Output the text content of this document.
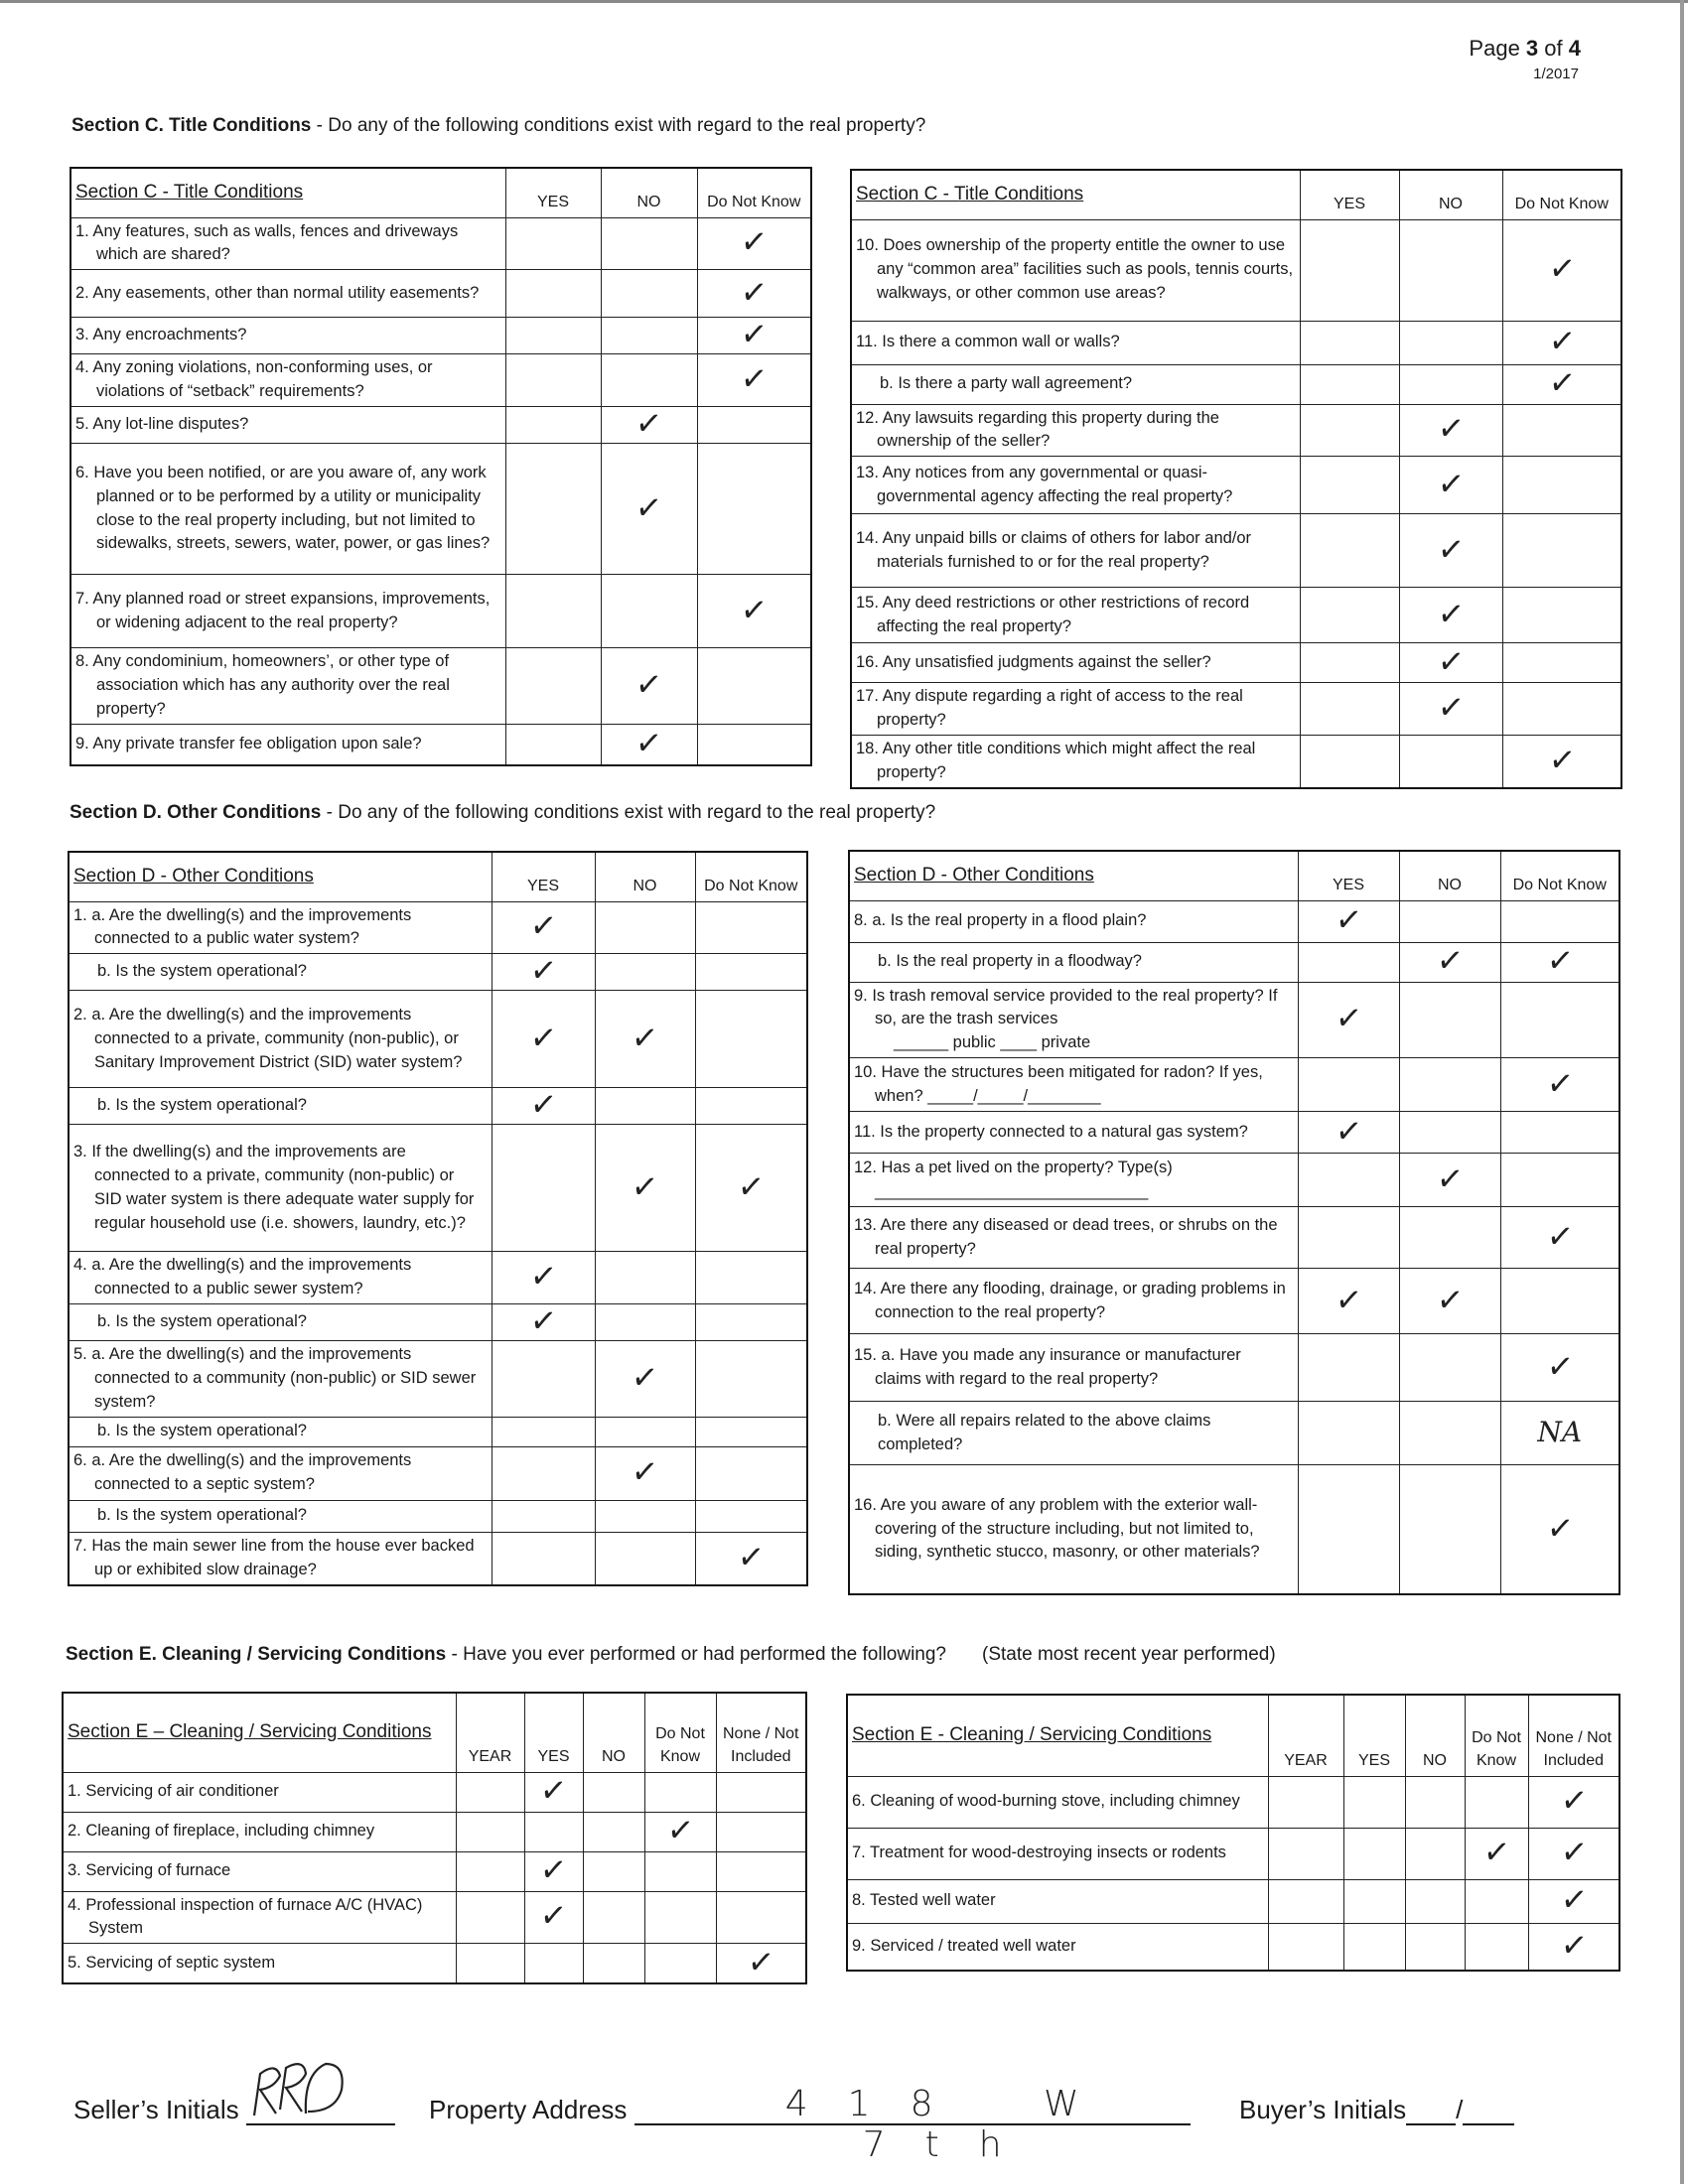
Page 3 of 4
1/2017
Section C. Title Conditions - Do any of the following conditions exist with regard to the real property?
Section C - Title Conditions	YES	NO	Do Not Know

1. Any features, such as walls, fences and driveways which are shared?			✓

2. Any easements, other than normal utility easements?			✓

3. Any encroachments?			✓

4. Any zoning violations, non-conforming uses, or violations of “setback” requirements?			✓

5. Any lot-line disputes?		✓	

6. Have you been notified, or are you aware of, any work planned or to be performed by a utility or municipality close to the real property including, but not limited to sidewalks, streets, sewers, water, power, or gas lines?		✓	

7. Any planned road or street expansions, improvements, or widening adjacent to the real property?			✓

8. Any condominium, homeowners’, or other type of association which has any authority over the real property?		✓	

9. Any private transfer fee obligation upon sale?		✓	
Section C - Title Conditions	YES	NO	Do Not Know

10. Does ownership of the property entitle the owner to use any “common area” facilities such as pools, tennis courts, walkways, or other common use areas?			✓

11. Is there a common wall or walls?			✓

b. Is there a party wall agreement?			✓

12. Any lawsuits regarding this property during the ownership of the seller?		✓	

13. Any notices from any governmental or quasi-governmental agency affecting the real property?		✓	

14. Any unpaid bills or claims of others for labor and/or materials furnished to or for the real property?		✓	

15. Any deed restrictions or other restrictions of record affecting the real property?		✓	

16. Any unsatisfied judgments against the seller?		✓	

17. Any dispute regarding a right of access to the real property?		✓	

18. Any other title conditions which might affect the real property?			✓
Section D. Other Conditions - Do any of the following conditions exist with regard to the real property?
Section D - Other Conditions	YES	NO	Do Not Know

1. a. Are the dwelling(s) and the improvements connected to a public water system?	✓		

b. Is the system operational?	✓		

2. a. Are the dwelling(s) and the improvements connected to a private, community (non-public), or Sanitary Improvement District (SID) water system?	✓	✓	

b. Is the system operational?	✓		

3. If the dwelling(s) and the improvements are connected to a private, community (non-public) or SID water system is there adequate water supply for regular household use (i.e. showers, laundry, etc.)?		✓	✓

4. a. Are the dwelling(s) and the improvements connected to a public sewer system?	✓		

b. Is the system operational?	✓		

5. a. Are the dwelling(s) and the improvements connected to a community (non-public) or SID sewer system?		✓	

b. Is the system operational?			

6. a. Are the dwelling(s) and the improvements connected to a septic system?		✓	

b. Is the system operational?			

7. Has the main sewer line from the house ever backed up or exhibited slow drainage?			✓
Section D - Other Conditions	YES	NO	Do Not Know

8. a. Is the real property in a flood plain?	✓		

b. Is the real property in a floodway?		✓	✓

9. Is trash removal service provided to the real property? If so, are the trash services
______ public ____ private	✓		

10. Have the structures been mitigated for radon? If yes, when? _____/_____/________			✓

11. Is the property connected to a natural gas system?	✓		

12. Has a pet lived on the property? Type(s) ______________________________		✓	

13. Are there any diseased or dead trees, or shrubs on the real property?			✓

14. Are there any flooding, drainage, or grading problems in connection to the real property?	✓	✓	

15. a. Have you made any insurance or manufacturer claims with regard to the real property?			✓

b. Were all repairs related to the above claims completed?			NA

16. Are you aware of any problem with the exterior wall-covering of the structure including, but not limited to, siding, synthetic stucco, masonry, or other materials?			✓
Section E. Cleaning / Servicing Conditions - Have you ever performed or had performed the following? (State most recent year performed)
Section E – Cleaning / Servicing Conditions	YEAR	YES	NO	Do Not Know	None / Not Included

1. Servicing of air conditioner		✓			

2. Cleaning of fireplace, including chimney				✓	

3. Servicing of furnace		✓			

4. Professional inspection of furnace A/C (HVAC) System		✓			

5. Servicing of septic system					✓
Section E - Cleaning / Servicing Conditions	YEAR	YES	NO	Do Not Know	None / Not Included

6. Cleaning of wood-burning stove, including chimney					✓

7. Treatment for wood-destroying insects or rodents				✓	✓

8. Tested well water					✓

9. Serviced / treated well water					✓
Seller’s Initials	Property Address	418 W 7th
Buyer’s Initials /
